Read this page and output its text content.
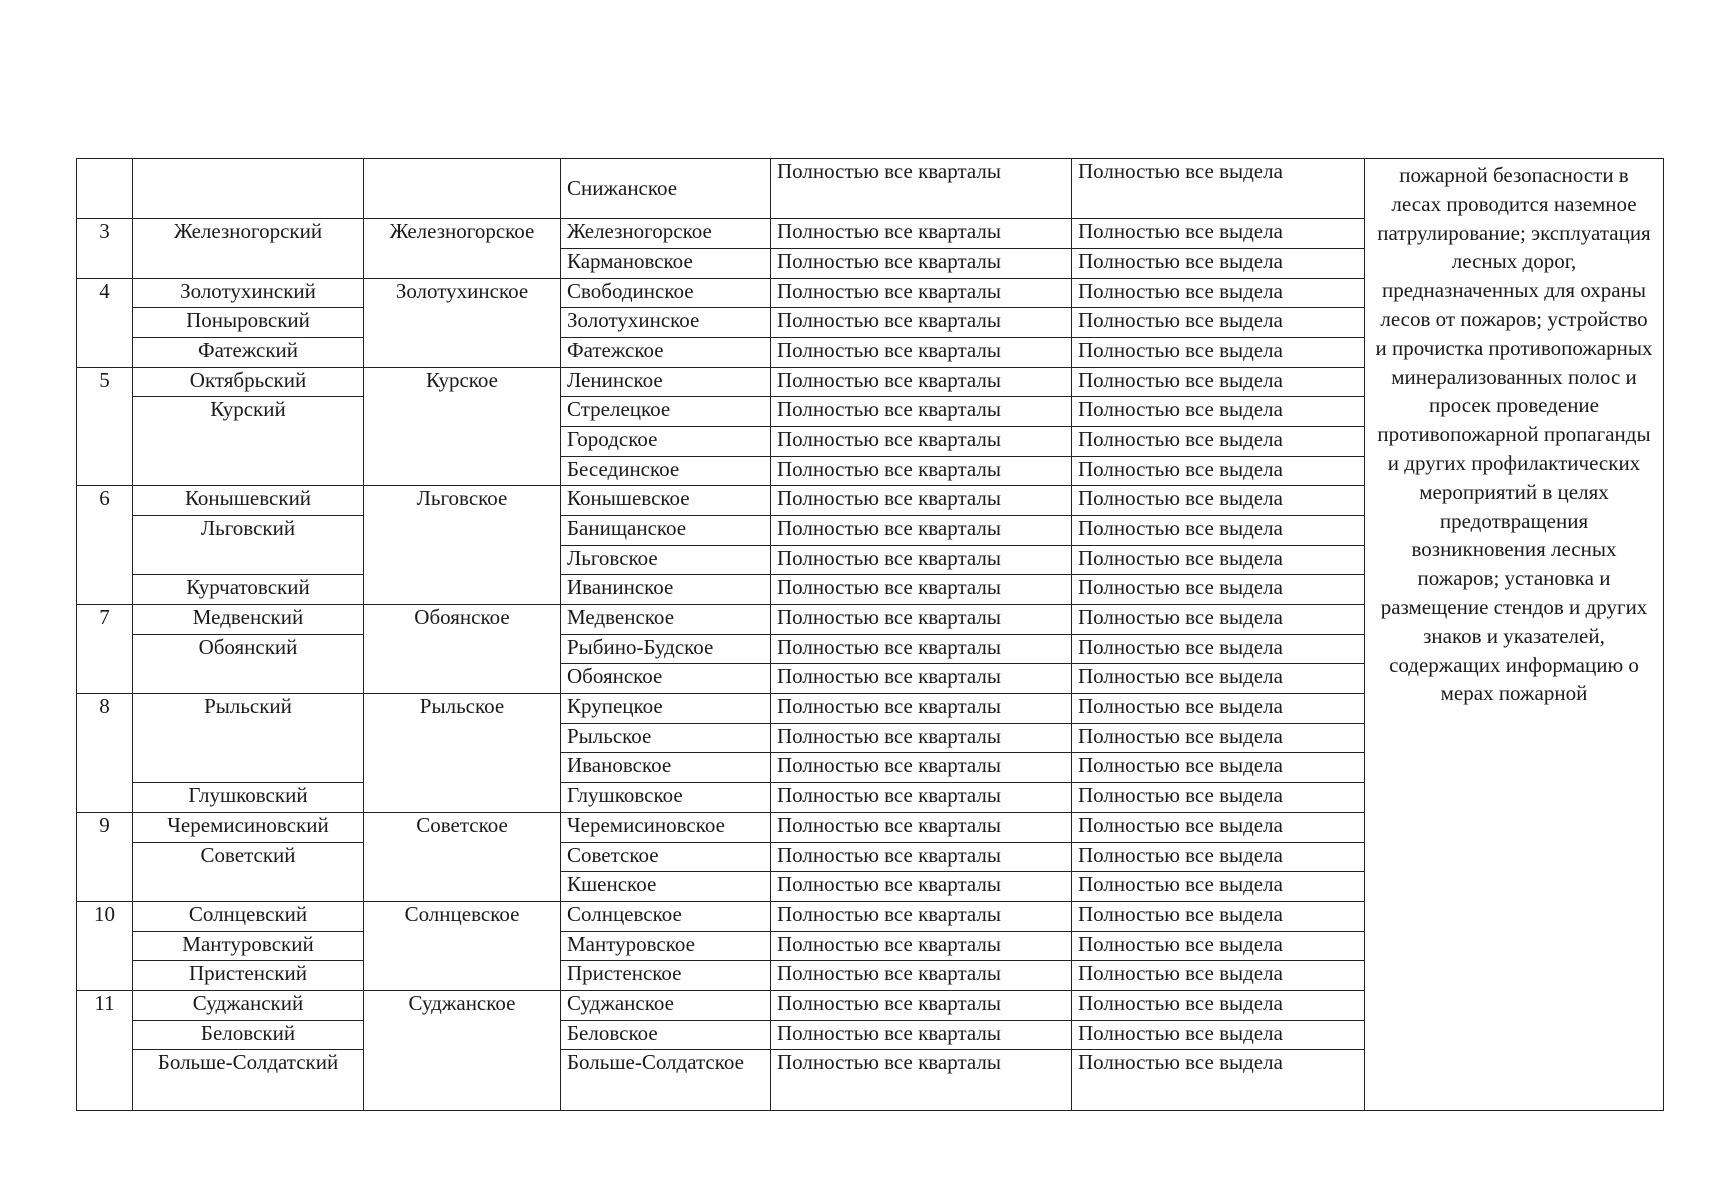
			Снижанское	Полностью все кварталы	Полностью все выдела	пожарной безопасности в лесах проводится наземное патрулирование; эксплуатация лесных дорог, предназначенных для охраны лесов от пожаров; устройство и прочистка противопожарных минерализованных полос и просек проведение противопожарной пропаганды и других профилактических мероприятий в целях предотвращения возникновения лесных пожаров; установка и размещение стендов и других знаков и указателей, содержащих информацию о мерах пожарной
3	Железногорский	Железногорское	Железногорское	Полностью все кварталы	Полностью все выдела	
			Кармановское	Полностью все кварталы	Полностью все выдела	
4	Золотухинский	Золотухинское	Свободинское	Полностью все кварталы	Полностью все выдела	
	Поныровский		Золотухинское	Полностью все кварталы	Полностью все выдела	
	Фатежский		Фатежское	Полностью все кварталы	Полностью все выдела	
5	Октябрьский	Курское	Ленинское	Полностью все кварталы	Полностью все выдела	
	Курский		Стрелецкое	Полностью все кварталы	Полностью все выдела	
			Городское	Полностью все кварталы	Полностью все выдела	
			Бесединское	Полностью все кварталы	Полностью все выдела	
6	Конышевский	Льговское	Конышевское	Полностью все кварталы	Полностью все выдела	
	Льговский		Банищанское	Полностью все кварталы	Полностью все выдела	
			Льговское	Полностью все кварталы	Полностью все выдела	
	Курчатовский		Иванинское	Полностью все кварталы	Полностью все выдела	
7	Медвенский	Обоянское	Медвенское	Полностью все кварталы	Полностью все выдела	
	Обоянский		Рыбино-Будское	Полностью все кварталы	Полностью все выдела	
			Обоянское	Полностью все кварталы	Полностью все выдела	
8	Рыльский	Рыльское	Крупецкое	Полностью все кварталы	Полностью все выдела	
			Рыльское	Полностью все кварталы	Полностью все выдела	
			Ивановское	Полностью все кварталы	Полностью все выдела	
	Глушковский		Глушковское	Полностью все кварталы	Полностью все выдела	
9	Черемисиновский	Советское	Черемисиновское	Полностью все кварталы	Полностью все выдела	
	Советский		Советское	Полностью все кварталы	Полностью все выдела	
			Кшенское	Полностью все кварталы	Полностью все выдела	
10	Солнцевский	Солнцевское	Солнцевское	Полностью все кварталы	Полностью все выдела	
	Мантуровский		Мантуровское	Полностью все кварталы	Полностью все выдела	
	Пристенский		Пристенское	Полностью все кварталы	Полностью все выдела	
11	Суджанский	Суджанское	Суджанское	Полностью все кварталы	Полностью все выдела	
	Беловский		Беловское	Полностью все кварталы	Полностью все выдела	
	Больше-Солдатский		Больше-Солдатское	Полностью все кварталы	Полностью все выдела	
